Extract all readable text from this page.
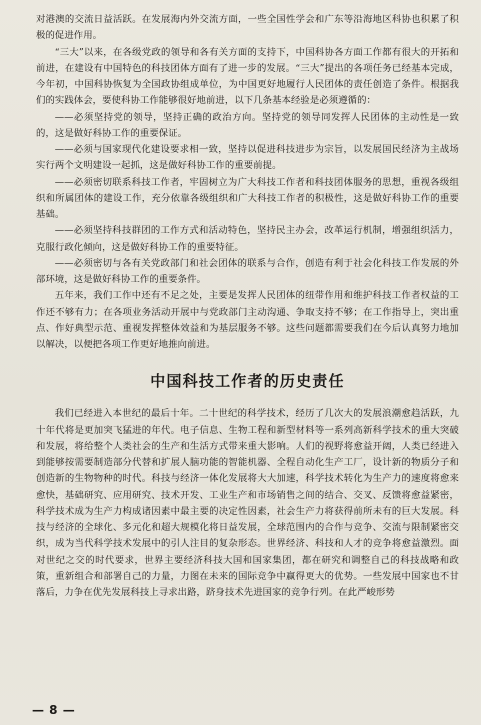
对港澳的交流日益活跃。在发展海内外交流方面，一些全国性学会和广东等沿海地区科协也积累了积极的促进作用。

“三大”以来，在各级党政的领导和各有关方面的支持下，中国科协各方面工作都有很大的开拓和前进，在建设有中国特色的科技团体方面有了进一步的发展。“三大”提出的各项任务已经基本完成，今年初，中国科协恢复为全国政协组成单位，为中国更好地履行人民团体的责任创造了条件。根据我们的实践体会，要使科协工作能够很好地前进，以下几条基本经验是必须遵循的：

——必须坚持党的领导，坚持正确的政治方向。坚持党的领导同发挥人民团体的主动性是一致的，这是做好科协工作的重要保证。

——必须与国家现代化建设要求相一致，坚持以促进科技进步为宗旨，以发展国民经济为主战场实行两个文明建设一起抓，这是做好科协工作的重要前提。

——必须密切联系科技工作者，牢固树立为广大科技工作者和科技团体服务的思想，重视各级组织和所属团体的建设工作，充分依靠各级组织和广大科技工作者的积极性，这是做好科协工作的重要基础。

——必须坚持科技群团的工作方式和活动特色，坚持民主办会，改革运行机制，增强组织活力，克服行政化倾向，这是做好科协工作的重要特征。

——必须密切与各有关党政部门和社会团体的联系与合作，创造有利于社会化科技工作发展的外部环境，这是做好科协工作的重要条件。

五年来，我们工作中还有不足之处，主要是发挥人民团体的纽带作用和维护科技工作者权益的工作还不够有力；在各项业务活动开展中与党政部门主动沟通、争取支持不够；在工作指导上，突出重点、作好典型示范、重视发挥整体效益和为基层服务不够。这些问题都需要我们在今后认真努力地加以解决，以便把各项工作更好地推向前进。

中国科技工作者的历史责任

我们已经进入本世纪的最后十年。二十世纪的科学技术，经历了几次大的发展浪潮愈趋活跃，九十年代将是更加突飞猛进的年代。电子信息、生物工程和新型材料等一系列高新科学技术的重大突破和发展，将给整个人类社会的生产和生活方式带来重大影响。人们的视野将愈益开阔，人类已经进入到能够按需要制造部分代替和扩展人脑功能的智能机器、全程自动化生产工厂，设计新的物质分子和创造新的生物物种的时代。科技与经济一体化发展将大大加速，科学技术转化为生产力的速度将愈来愈快，基础研究、应用研究、技术开发、工业生产和市场销售之间的结合、交叉、反馈将愈益紧密，科学技术成为生产力构成诸因素中最主要的决定性因素，社会生产力将获得前所未有的巨大发展。科技与经济的全球化、多元化和超大规模化将日益发展，全球范围内的合作与竞争、交流与限制紧密交织，成为当代科学技术发展中的引人注目的复杂形态。世界经济、科技和人才的竞争将愈益激烈。面对世纪之交的时代要求，世界主要经济科技大国和国家集团，都在研究和调整自己的科技战略和政策，重新组合和部署自己的力量，力图在未来的国际竞争中赢得更大的优势。一些发展中国家也不甘落后，力争在优先发展科技上寻求出路，跻身技术先进国家的竞争行列。在此严峻形势

— 8 —
